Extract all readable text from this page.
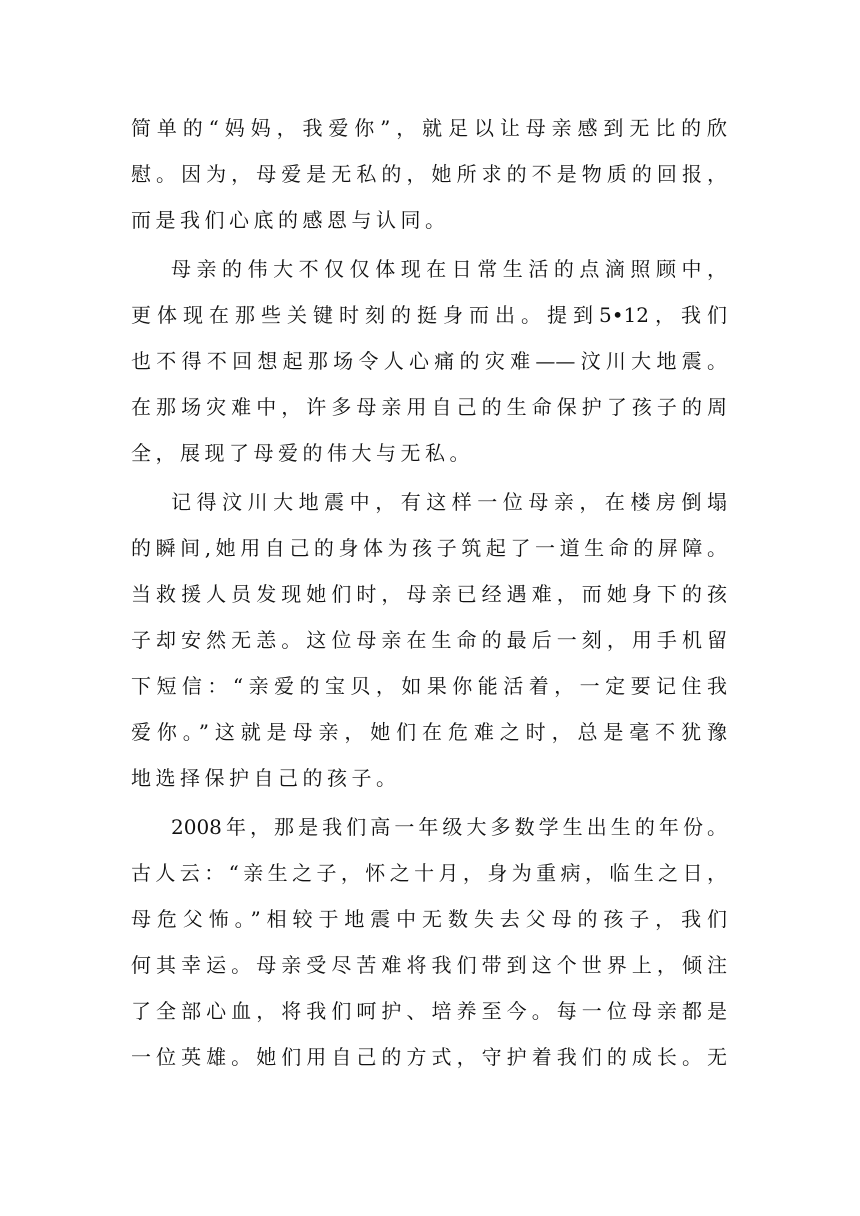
简单的“妈妈，我爱你”，就足以让母亲感到无比的欣
慰。因为，母爱是无私的，她所求的不是物质的回报，
而是我们心底的感恩与认同。
母亲的伟大不仅仅体现在日常生活的点滴照顾中，
更体现在那些关键时刻的挺身而出。提到5•12，我们
也不得不回想起那场令人心痛的灾难——汶川大地震。
在那场灾难中，许多母亲用自己的生命保护了孩子的周
全，展现了母爱的伟大与无私。
记得汶川大地震中，有这样一位母亲，在楼房倒塌
的瞬间,她用自己的身体为孩子筑起了一道生命的屏障。
当救援人员发现她们时，母亲已经遇难，而她身下的孩
子却安然无恙。这位母亲在生命的最后一刻，用手机留
下短信：“亲爱的宝贝，如果你能活着，一定要记住我
爱你。”这就是母亲，她们在危难之时，总是毫不犹豫
地选择保护自己的孩子。
2008年，那是我们高一年级大多数学生出生的年份。
古人云：“亲生之子，怀之十月，身为重病，临生之日，
母危父怖。”相较于地震中无数失去父母的孩子，我们
何其幸运。母亲受尽苦难将我们带到这个世界上，倾注
了全部心血，将我们呵护、培养至今。每一位母亲都是
一位英雄。她们用自己的方式，守护着我们的成长。无
